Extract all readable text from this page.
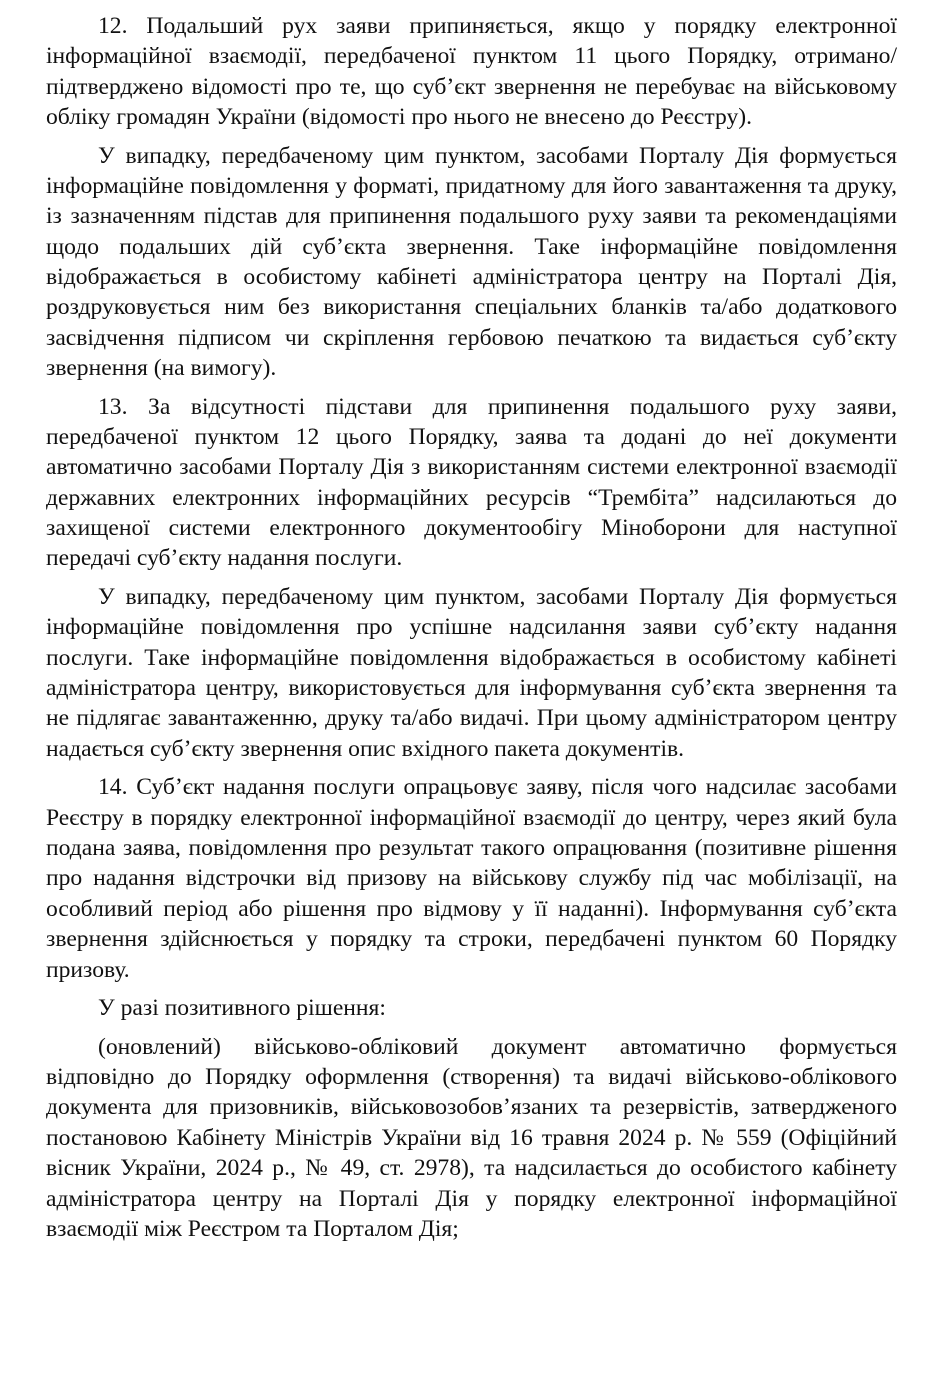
12. Подальший рух заяви припиняється, якщо у порядку електронної інформаційної взаємодії, передбаченої пунктом 11 цього Порядку, отримано/підтверджено відомості про те, що суб’єкт звернення не перебуває на військовому обліку громадян України (відомості про нього не внесено до Реєстру).

У випадку, передбаченому цим пунктом, засобами Порталу Дія формується інформаційне повідомлення у форматі, придатному для його завантаження та друку, із зазначенням підстав для припинення подальшого руху заяви та рекомендаціями щодо подальших дій суб’єкта звернення. Таке інформаційне повідомлення відображається в особистому кабінеті адміністратора центру на Порталі Дія, роздруковується ним без використання спеціальних бланків та/або додаткового засвідчення підписом чи скріплення гербовою печаткою та видається суб’єкту звернення (на вимогу).

13. За відсутності підстави для припинення подальшого руху заяви, передбаченої пунктом 12 цього Порядку, заява та додані до неї документи автоматично засобами Порталу Дія з використанням системи електронної взаємодії державних електронних інформаційних ресурсів “Трембіта” надсилаються до захищеної системи електронного документообігу Міноборони для наступної передачі суб’єкту надання послуги.

У випадку, передбаченому цим пунктом, засобами Порталу Дія формується інформаційне повідомлення про успішне надсилання заяви суб’єкту надання послуги. Таке інформаційне повідомлення відображається в особистому кабінеті адміністратора центру, використовується для інформування суб’єкта звернення та не підлягає завантаженню, друку та/або видачі. При цьому адміністратором центру надається суб’єкту звернення опис вхідного пакета документів.

14. Суб’єкт надання послуги опрацьовує заяву, після чого надсилає засобами Реєстру в порядку електронної інформаційної взаємодії до центру, через який була подана заява, повідомлення про результат такого опрацювання (позитивне рішення про надання відстрочки від призову на військову службу під час мобілізації, на особливий період або рішення про відмову у її наданні). Інформування суб’єкта звернення здійснюється у порядку та строки, передбачені пунктом 60 Порядку призову.

У разі позитивного рішення:

(оновлений) військово-обліковий документ автоматично формується відповідно до Порядку оформлення (створення) та видачі військово-облікового документа для призовників, військовозобов’язаних та резервістів, затвердженого постановою Кабінету Міністрів України від 16 травня 2024 р. № 559 (Офіційний вісник України, 2024 р., № 49, ст. 2978), та надсилається до особистого кабінету адміністратора центру на Порталі Дія у порядку електронної інформаційної взаємодії між Реєстром та Порталом Дія;
